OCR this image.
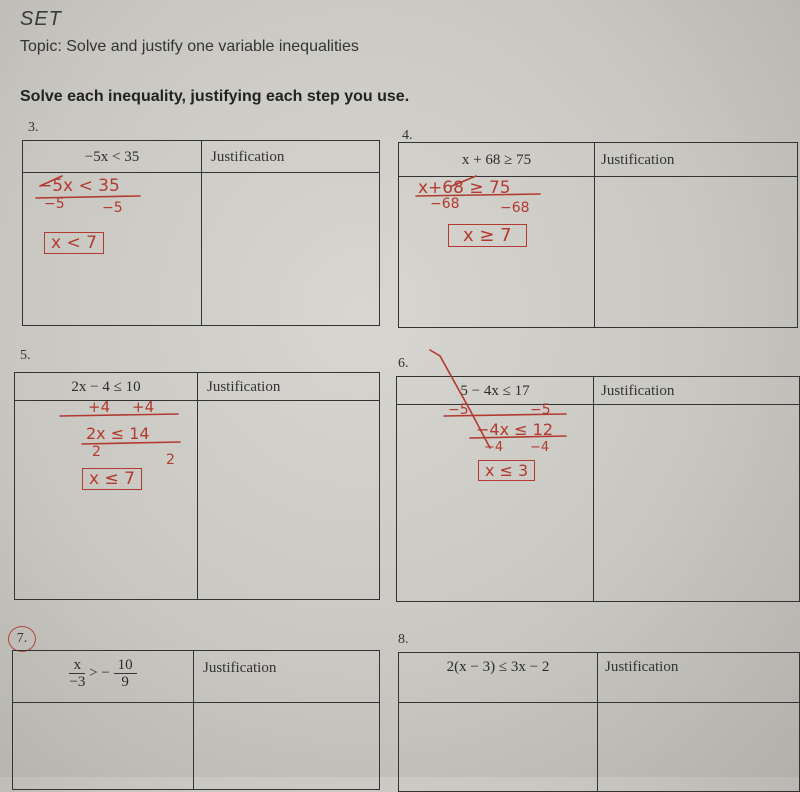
SET
Topic: Solve and justify one variable inequalities
Solve each inequality, justifying each step you use.
3.
−5x < 35	Justification
−5x < 35
−5	−5
x < 7
4.
x + 68 ≥ 75	Justification
x+68 ≥ 75
−68	−68
x ≥ 7
5.
2x − 4 ≤ 10	Justification
+4 +4
2x ≤ 14
2	2
x ≤ 7
6.
5 − 4x ≤ 17	Justification
−5	−5
−4x ≤ 12
−4 −4
x ≤ 3
7.
$\frac{x}{-3}$ > − $\frac{10}{9}$	Justification
8.
2(x − 3) ≤ 3x − 2	Justification
